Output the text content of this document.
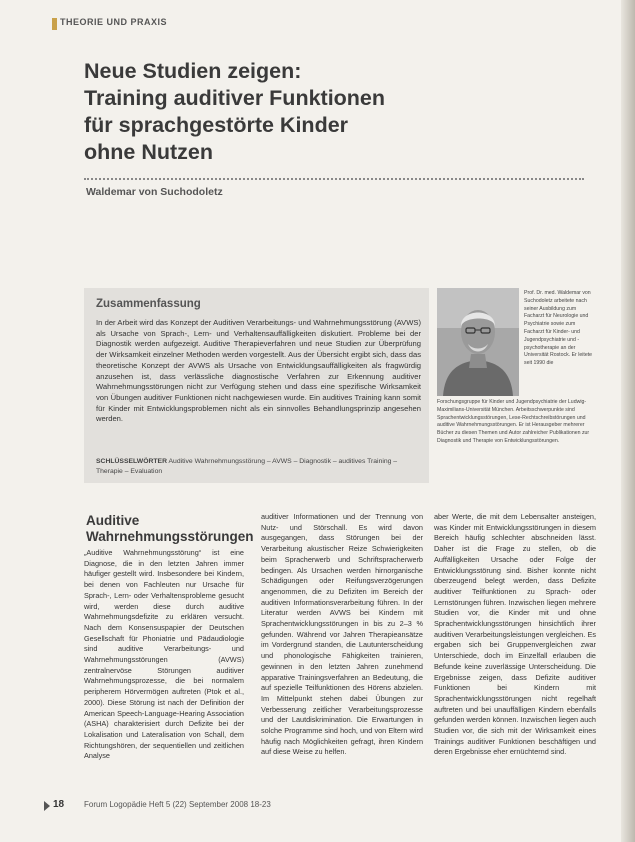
THEORIE UND PRAXIS
Neue Studien zeigen:
Training auditiver Funktionen
für sprachgestörte Kinder
ohne Nutzen
Waldemar von Suchodoletz
Zusammenfassung
In der Arbeit wird das Konzept der Auditiven Verarbeitungs- und Wahrnehmungsstörung (AVWS) als Ursache von Sprach-, Lern- und Verhaltensauffälligkeiten diskutiert. Probleme bei der Diagnostik werden aufgezeigt. Auditive Therapieverfahren und neue Studien zur Überprüfung der Wirksamkeit einzelner Methoden werden vorgestellt. Aus der Übersicht ergibt sich, dass das theoretische Konzept der AVWS als Ursache von Entwicklungsauffälligkeiten als fragwürdig anzusehen ist, dass verlässliche diagnostische Verfahren zur Erkennung auditiver Wahrnehmungsstörungen nicht zur Verfügung stehen und dass eine spezifische Wirksamkeit von Übungen auditiver Funktionen nicht nachgewiesen wurde. Ein auditives Training kann somit für Kinder mit Entwicklungsproblemen nicht als ein sinnvolles Behandlungsprinzip angesehen werden.
SCHLÜSSELWÖRTER Auditive Wahrnehmungsstörung – AVWS – Diagnostik – auditives Training – Therapie – Evaluation
Prof. Dr. med. Waldemar von Suchodoletz arbeitete nach seiner Ausbildung zum Facharzt für Neurologie und Psychiatrie sowie zum Facharzt für Kinder- und Jugendpsychiatrie und -psychotherapie an der Universität Rostock. Er leitete seit 1990 die
Forschungsgruppe für Kinder und Jugendpsychiatrie der Ludwig-Maximilians-Universität München. Arbeitsschwerpunkte sind Sprachentwicklungsstörungen, Lese-Rechtschreibstörungen und auditive Wahrnehmungsstörungen. Er ist Herausgeber mehrerer Bücher zu diesen Themen und Autor zahlreicher Publikationen zur Diagnostik und Therapie von Entwicklungsstörungen.
Auditive Wahrnehmungsstörungen
„Auditive Wahrnehmungsstörung“ ist eine Diagnose, die in den letzten Jahren immer häufiger gestellt wird. Insbesondere bei Kindern, bei denen von Fachleuten nur Ursache für Sprach-, Lern- oder Verhaltensprobleme gesucht wird, werden diese durch auditive Wahrnehmungsdefizite zu erklären versucht. Nach dem Konsensuspapier der Deutschen Gesellschaft für Phoniatrie und Pädaudiologie sind auditive Verarbeitungs- und Wahrnehmungsstörungen (AVWS) zentralnervöse Störungen auditiver Wahrnehmungsprozesse, die bei normalem peripherem Hörvermögen auftreten (Ptok et al., 2000). Diese Störung ist nach der Definition der American Speech-Language-Hearing Association (ASHA) charakterisiert durch Defizite bei der Lokalisation und Lateralisation von Schall, dem Richtungshören, der sequentiellen und zeitlichen Analyse
auditiver Informationen und der Trennung von Nutz- und Störschall. Es wird davon ausgegangen, dass Störungen bei der Verarbeitung akustischer Reize Schwierigkeiten beim Spracherwerb und Schriftspracherwerb bedingen. Als Ursachen werden hirnorganische Schädigungen oder Reifungsverzögerungen angenommen, die zu Defiziten im Bereich der auditiven Informationsverarbeitung führen. In der Literatur werden AVWS bei Kindern mit Sprachentwicklungsstörungen in bis zu 2–3 % gefunden. Während vor Jahren Therapieansätze im Vordergrund standen, die Lautunterscheidung und phonologische Fähigkeiten trainieren, gewinnen in den letzten Jahren zunehmend apparative Trainingsverfahren an Bedeutung, die auf spezielle Teilfunktionen des Hörens abzielen. Im Mittelpunkt stehen dabei Übungen zur Verbesserung zeitlicher Verarbeitungsprozesse und der Lautdiskrimination. Die Erwartungen in solche Programme sind hoch, und von Eltern wird häufig nach Möglichkeiten gefragt, ihren Kindern auf diese Weise zu helfen.
aber Werte, die mit dem Lebensalter ansteigen, was Kinder mit Entwicklungsstörungen in diesem Bereich häufig schlechter abschneiden lässt. Daher ist die Frage zu stellen, ob die Auffälligkeiten Ursache oder Folge der Entwicklungsstörung sind. Bisher konnte nicht überzeugend belegt werden, dass Defizite auditiver Teilfunktionen zu Sprach- oder Lernstörungen führen. Inzwischen liegen mehrere Studien vor, die Kinder mit und ohne Sprachentwicklungsstörungen hinsichtlich ihrer auditiven Verarbeitungsleistungen vergleichen. Es ergaben sich bei Gruppenvergleichen zwar Unterschiede, doch im Einzelfall erlauben die Befunde keine zuverlässige Unterscheidung. Die Ergebnisse zeigen, dass Defizite auditiver Funktionen bei Kindern mit Sprachentwicklungsstörungen nicht regelhaft auftreten und bei unauffälligen Kindern ebenfalls gefunden werden können. Inzwischen liegen auch Studien vor, die sich mit der Wirksamkeit eines Trainings auditiver Funktionen beschäftigen und deren Ergebnisse eher ernüchternd sind.
18 Forum Logopädie Heft 5 (22) September 2008 18-23
